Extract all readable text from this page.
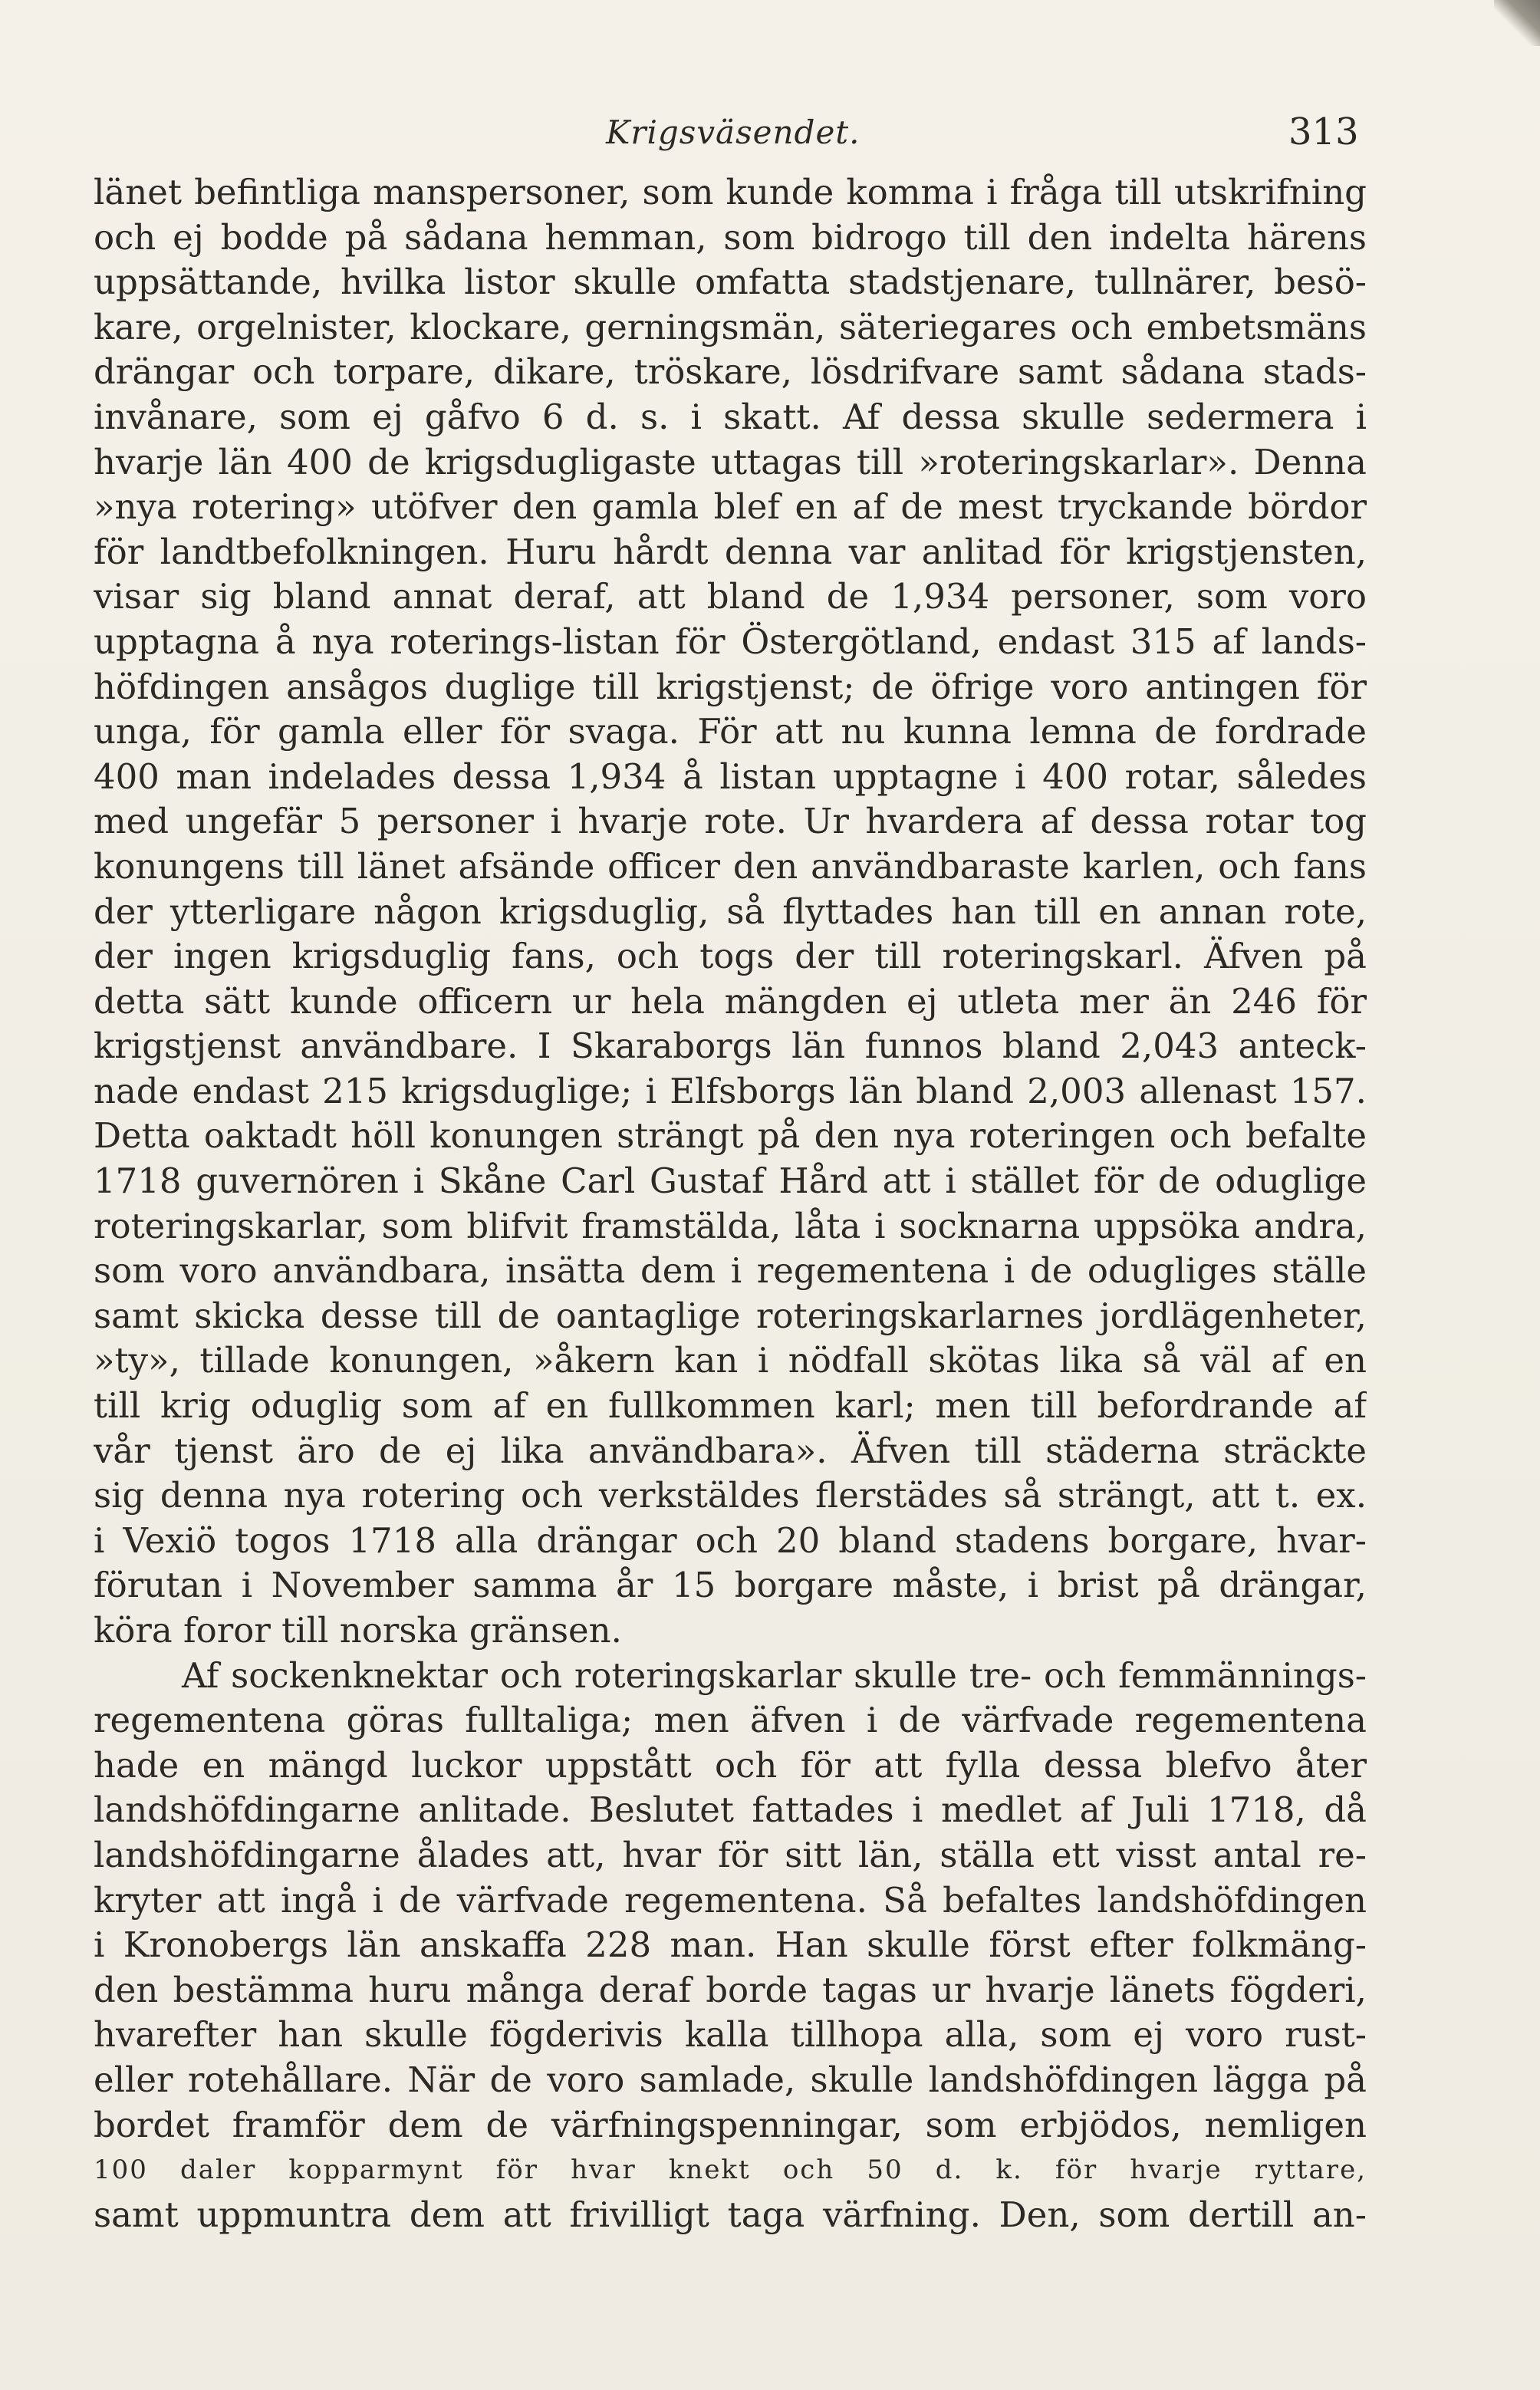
Krigsväsendet.	313
länet befintliga manspersoner, som kunde komma i fråga till utskrifning
och ej bodde på sådana hemman, som bidrogo till den indelta härens
uppsättande, hvilka listor skulle omfatta stadstjenare, tullnärer, besö-
kare, orgelnister, klockare, gerningsmän, säteriegares och embetsmäns
drängar och torpare, dikare, tröskare, lösdrifvare samt sådana stads-
invånare, som ej gåfvo 6 d. s. i skatt. Af dessa skulle sedermera i
hvarje län 400 de krigsdugligaste uttagas till »roteringskarlar». Denna
»nya rotering» utöfver den gamla blef en af de mest tryckande bördor
för landtbefolkningen. Huru hårdt denna var anlitad för krigstjensten,
visar sig bland annat deraf, att bland de 1,934 personer, som voro
upptagna å nya roterings-listan för Östergötland, endast 315 af lands-
höfdingen ansågos duglige till krigstjenst; de öfrige voro antingen för
unga, för gamla eller för svaga. För att nu kunna lemna de fordrade
400 man indelades dessa 1,934 å listan upptagne i 400 rotar, således
med ungefär 5 personer i hvarje rote. Ur hvardera af dessa rotar tog
konungens till länet afsände officer den användbaraste karlen, och fans
der ytterligare någon krigsduglig, så flyttades han till en annan rote,
der ingen krigsduglig fans, och togs der till roteringskarl. Äfven på
detta sätt kunde officern ur hela mängden ej utleta mer än 246 för
krigstjenst användbare. I Skaraborgs län funnos bland 2,043 anteck-
nade endast 215 krigsduglige; i Elfsborgs län bland 2,003 allenast 157.
Detta oaktadt höll konungen strängt på den nya roteringen och befalte
1718 guvernören i Skåne Carl Gustaf Hård att i stället för de oduglige
roteringskarlar, som blifvit framstälda, låta i socknarna uppsöka andra,
som voro användbara, insätta dem i regementena i de odugliges ställe
samt skicka desse till de oantaglige roteringskarlarnes jordlägenheter,
»ty», tillade konungen, »åkern kan i nödfall skötas lika så väl af en
till krig oduglig som af en fullkommen karl; men till befordrande af
vår tjenst äro de ej lika användbara». Äfven till städerna sträckte
sig denna nya rotering och verkstäldes flerstädes så strängt, att t. ex.
i Vexiö togos 1718 alla drängar och 20 bland stadens borgare, hvar-
förutan i November samma år 15 borgare måste, i brist på drängar,
köra foror till norska gränsen.
Af sockenknektar och roteringskarlar skulle tre- och femmännings-
regementena göras fulltaliga; men äfven i de värfvade regementena
hade en mängd luckor uppstått och för att fylla dessa blefvo åter
landshöfdingarne anlitade. Beslutet fattades i medlet af Juli 1718, då
landshöfdingarne ålades att, hvar för sitt län, ställa ett visst antal re-
kryter att ingå i de värfvade regementena. Så befaltes landshöfdingen
i Kronobergs län anskaffa 228 man. Han skulle först efter folkmäng-
den bestämma huru många deraf borde tagas ur hvarje länets fögderi,
hvarefter han skulle fögderivis kalla tillhopa alla, som ej voro rust-
eller rotehållare. När de voro samlade, skulle landshöfdingen lägga på
bordet framför dem de värfningspenningar, som erbjödos, nemligen
100 daler kopparmynt för hvar knekt och 50 d. k. för hvarje ryttare,
samt uppmuntra dem att frivilligt taga värfning. Den, som dertill an-
